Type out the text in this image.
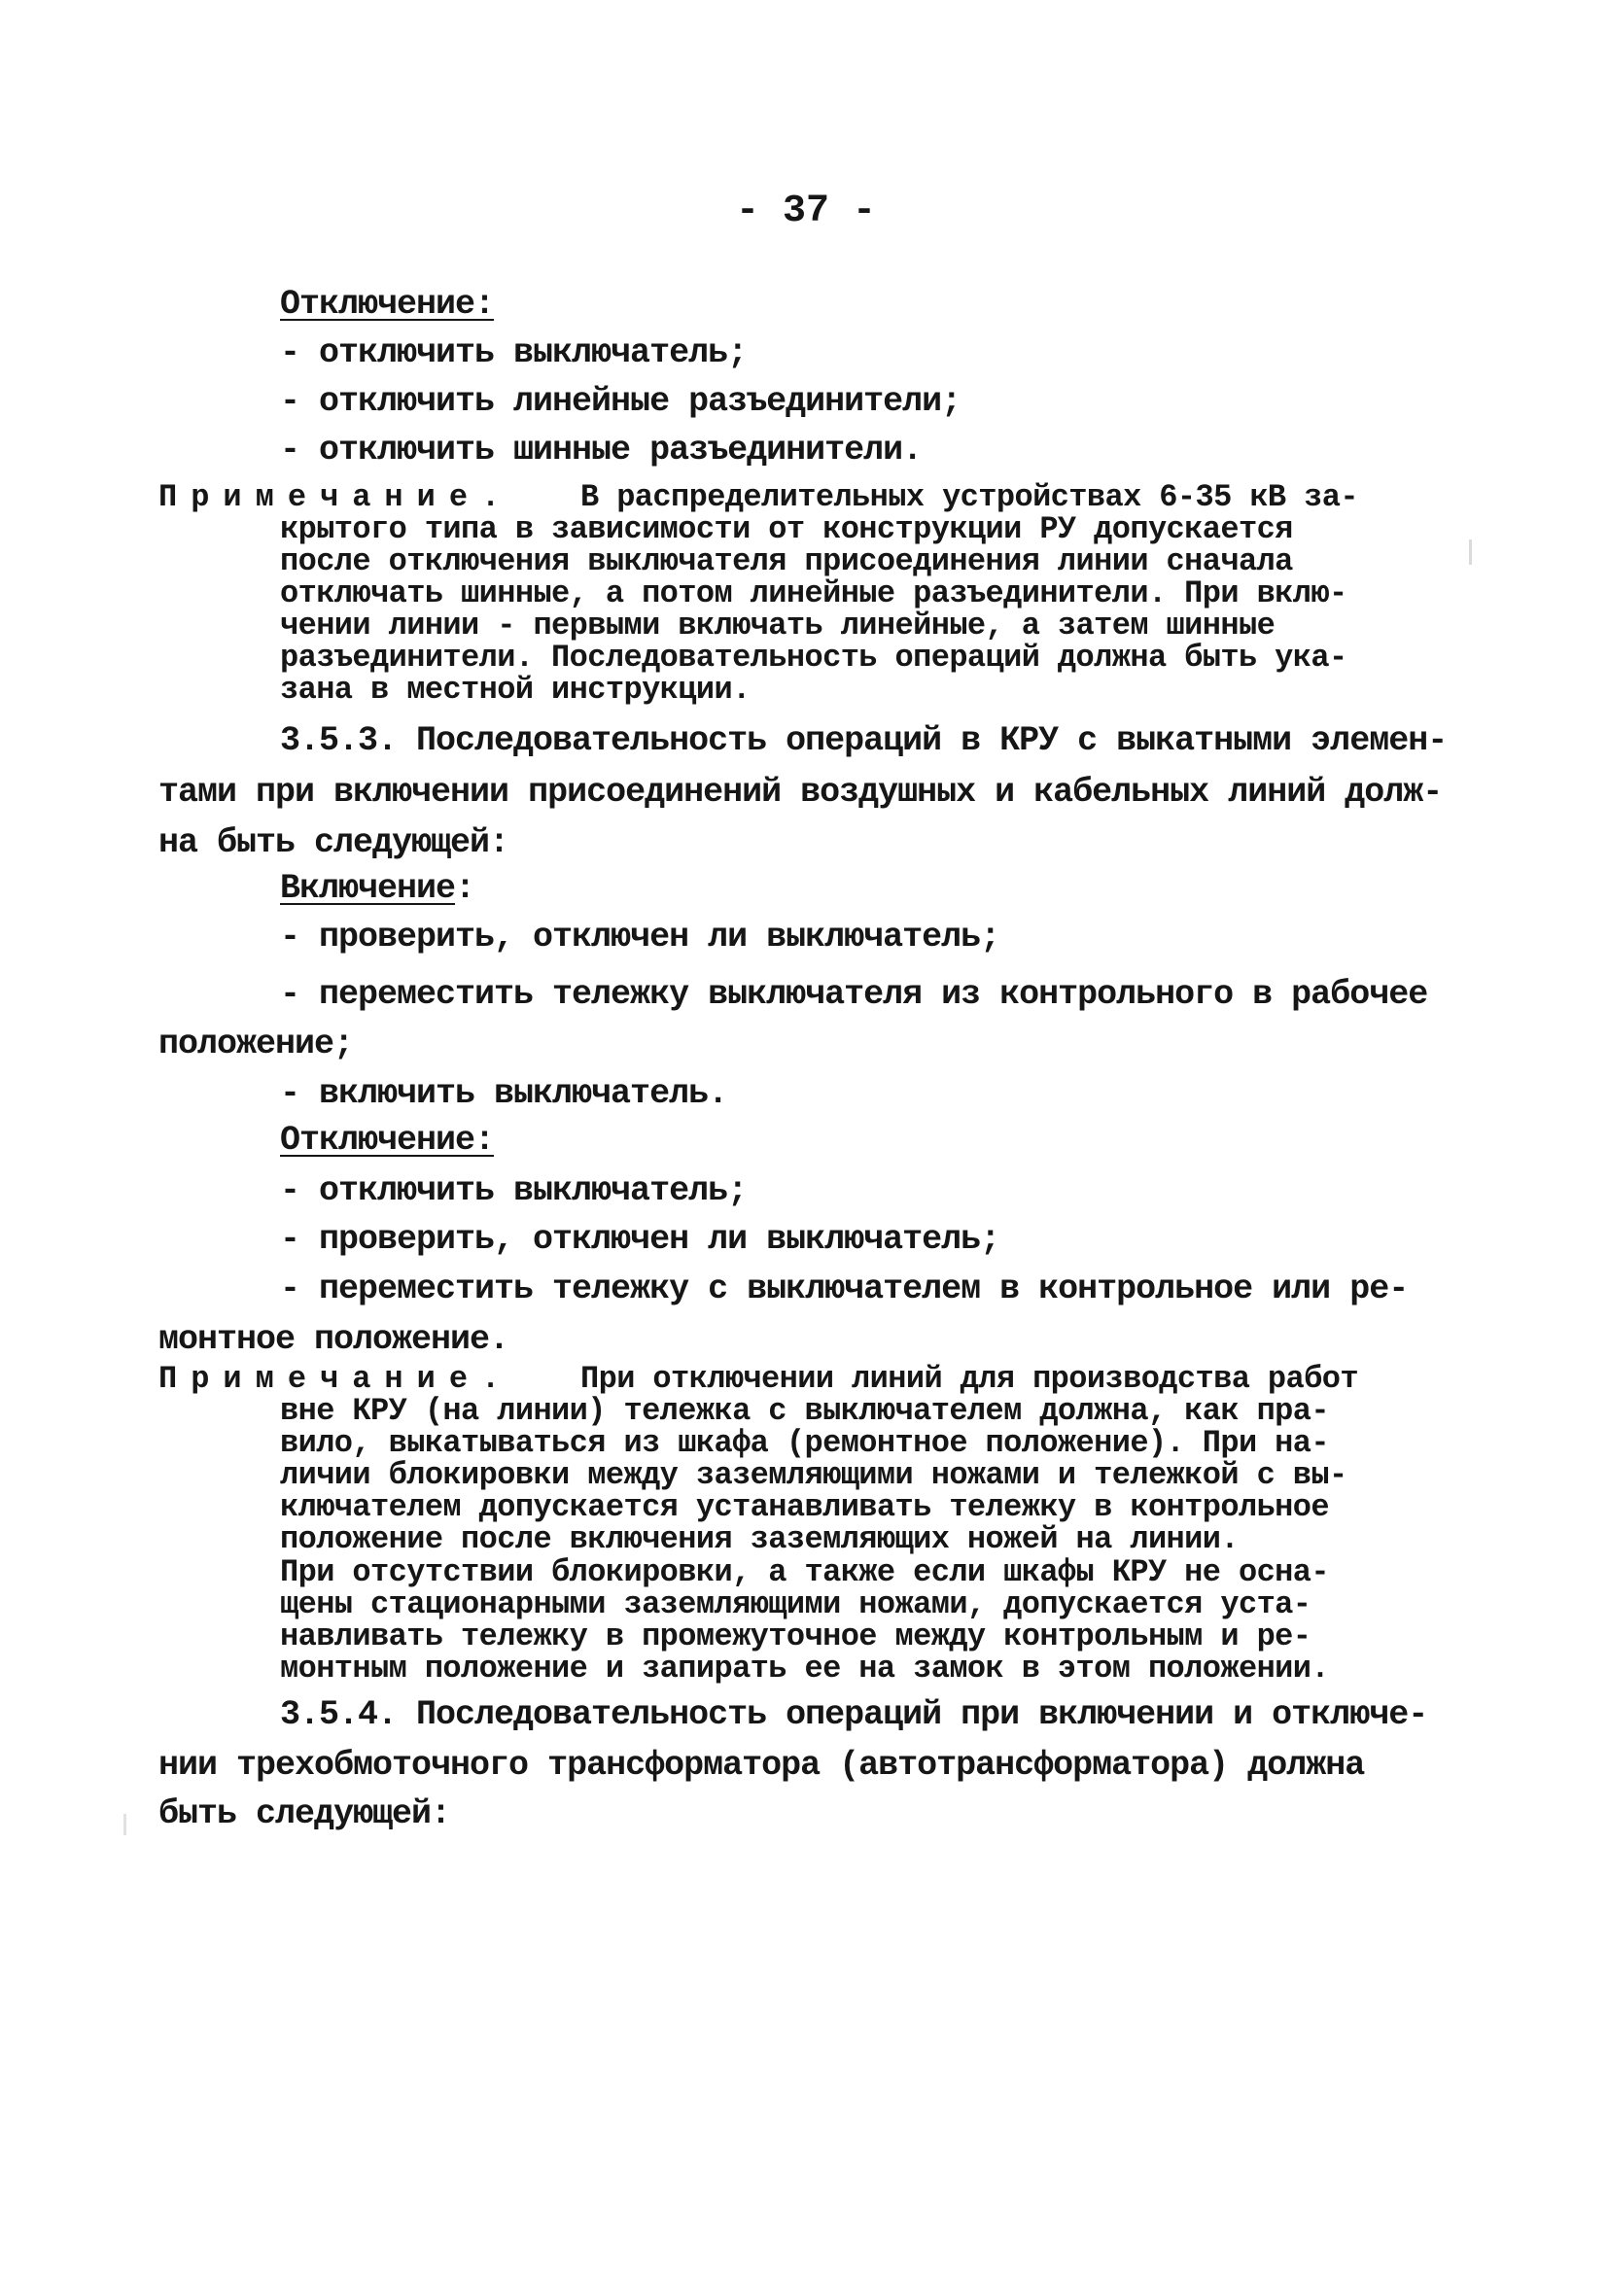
- 37 -
Отключение:
- отключить выключатель;
- отключить линейные разъединители;
- отключить шинные разъединители.
Примечание. В распределительных устройствах 6-35 кВ за-
крытого типа в зависимости от конструкции РУ допускается
после отключения выключателя присоединения линии сначала
отключать шинные, а потом линейные разъединители. При вклю-
чении линии - первыми включать линейные, а затем шинные
разъединители. Последовательность операций должна быть ука-
зана в местной инструкции.
3.5.3. Последовательность операций в КРУ с выкатными элемен-
тами при включении присоединений воздушных и кабельных линий долж-
на быть следующей:
Включение:
- проверить, отключен ли выключатель;
- переместить тележку выключателя из контрольного в рабочее
положение;
- включить выключатель.
Отключение:
- отключить выключатель;
- проверить, отключен ли выключатель;
- переместить тележку с выключателем в контрольное или ре-
монтное положение.
Примечание. При отключении линий для производства работ
вне КРУ (на линии) тележка с выключателем должна, как пра-
вило, выкатываться из шкафа (ремонтное положение). При на-
личии блокировки между заземляющими ножами и тележкой с вы-
ключателем допускается устанавливать тележку в контрольное
положение после включения заземляющих ножей на линии.
При отсутствии блокировки, а также если шкафы КРУ не осна-
щены стационарными заземляющими ножами, допускается уста-
навливать тележку в промежуточное между контрольным и ре-
монтным положение и запирать ее на замок в этом положении.
3.5.4. Последовательность операций при включении и отключе-
нии трехобмоточного трансформатора (автотрансформатора) должна
быть следующей:
